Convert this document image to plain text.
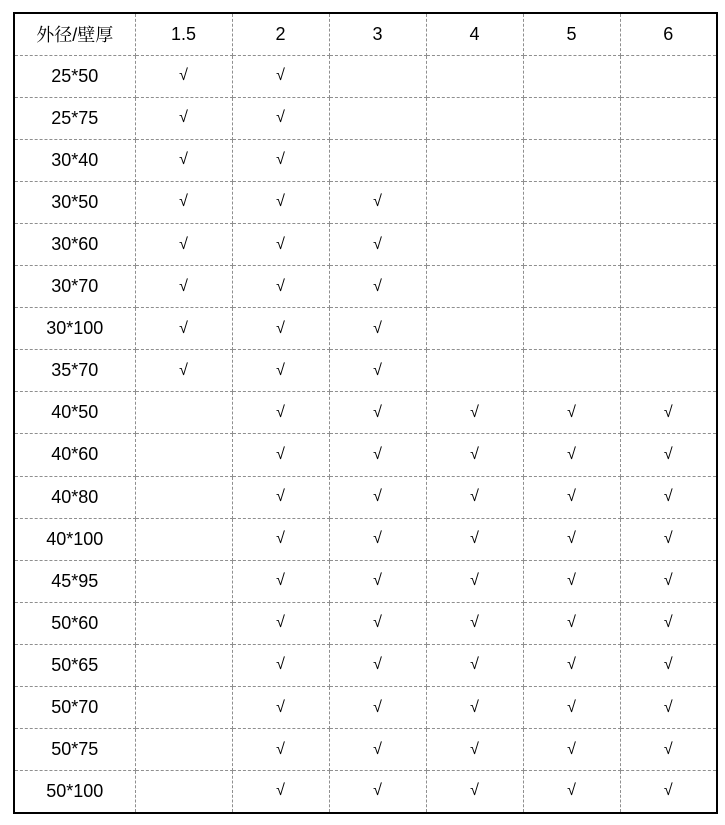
外径/壁厚	1.5	2	3	4	5	6
25*50	√	√				
25*75	√	√				
30*40	√	√				
30*50	√	√	√			
30*60	√	√	√			
30*70	√	√	√			
30*100	√	√	√			
35*70	√	√	√			
40*50		√	√	√	√	√
40*60		√	√	√	√	√
40*80		√	√	√	√	√
40*100		√	√	√	√	√
45*95		√	√	√	√	√
50*60		√	√	√	√	√
50*65		√	√	√	√	√
50*70		√	√	√	√	√
50*75		√	√	√	√	√
50*100		√	√	√	√	√
